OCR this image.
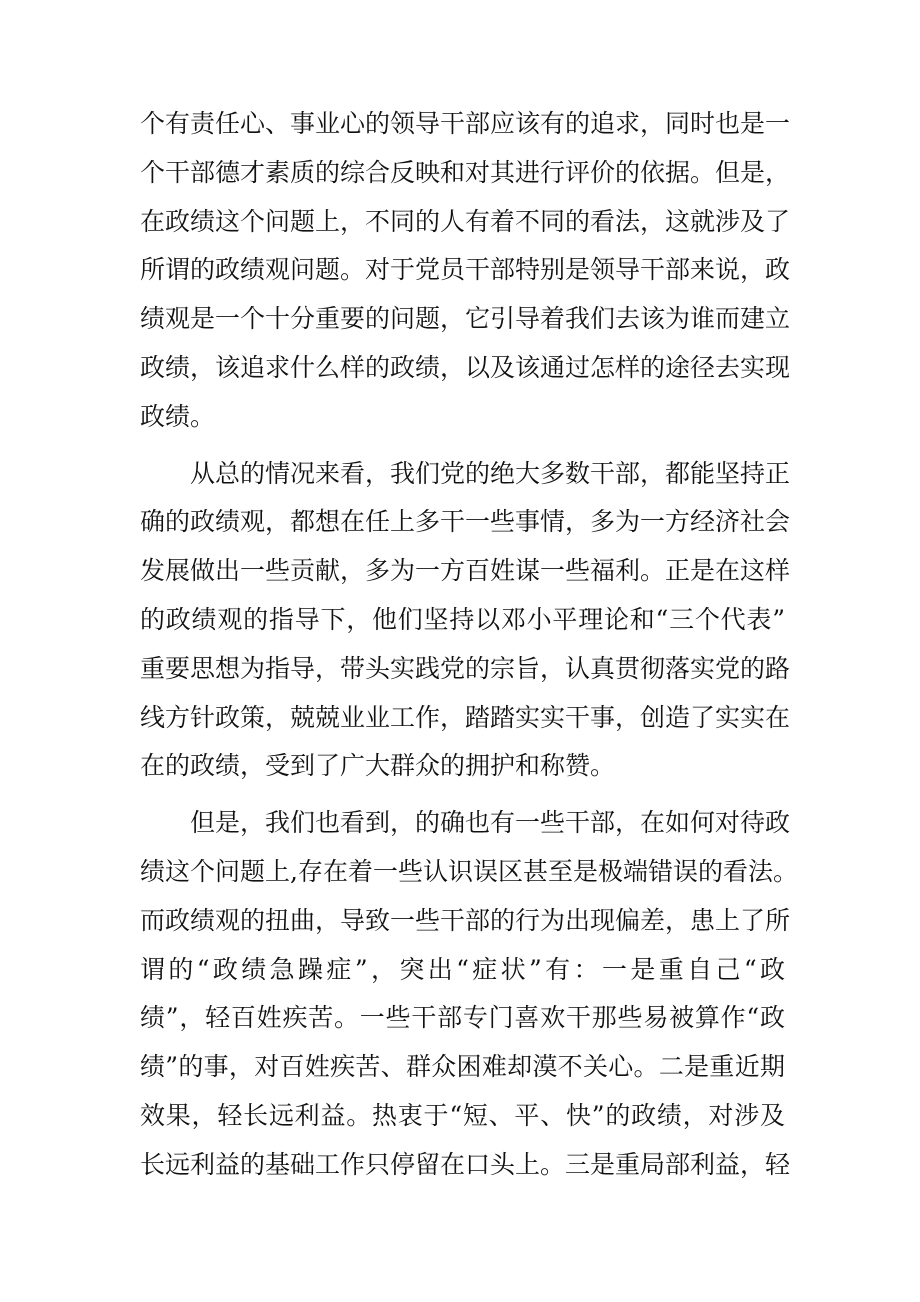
个有责任心、事业心的领导干部应该有的追求，同时也是一
个干部德才素质的综合反映和对其进行评价的依据。但是，
在政绩这个问题上，不同的人有着不同的看法，这就涉及了
所谓的政绩观问题。对于党员干部特别是领导干部来说，政
绩观是一个十分重要的问题，它引导着我们去该为谁而建立
政绩，该追求什么样的政绩，以及该通过怎样的途径去实现
政绩。
从总的情况来看，我们党的绝大多数干部，都能坚持正
确的政绩观，都想在任上多干一些事情，多为一方经济社会
发展做出一些贡献，多为一方百姓谋一些福利。正是在这样
的政绩观的指导下，他们坚持以邓小平理论和“三个代表”
重要思想为指导，带头实践党的宗旨，认真贯彻落实党的路
线方针政策，兢兢业业工作，踏踏实实干事，创造了实实在
在的政绩，受到了广大群众的拥护和称赞。
但是，我们也看到，的确也有一些干部，在如何对待政
绩这个问题上,存在着一些认识误区甚至是极端错误的看法。
而政绩观的扭曲，导致一些干部的行为出现偏差，患上了所
谓的“政绩急躁症”，突出“症状”有：一是重自己“政
绩”，轻百姓疾苦。一些干部专门喜欢干那些易被算作“政
绩”的事，对百姓疾苦、群众困难却漠不关心。二是重近期
效果，轻长远利益。热衷于“短、平、快”的政绩，对涉及
长远利益的基础工作只停留在口头上。三是重局部利益，轻
